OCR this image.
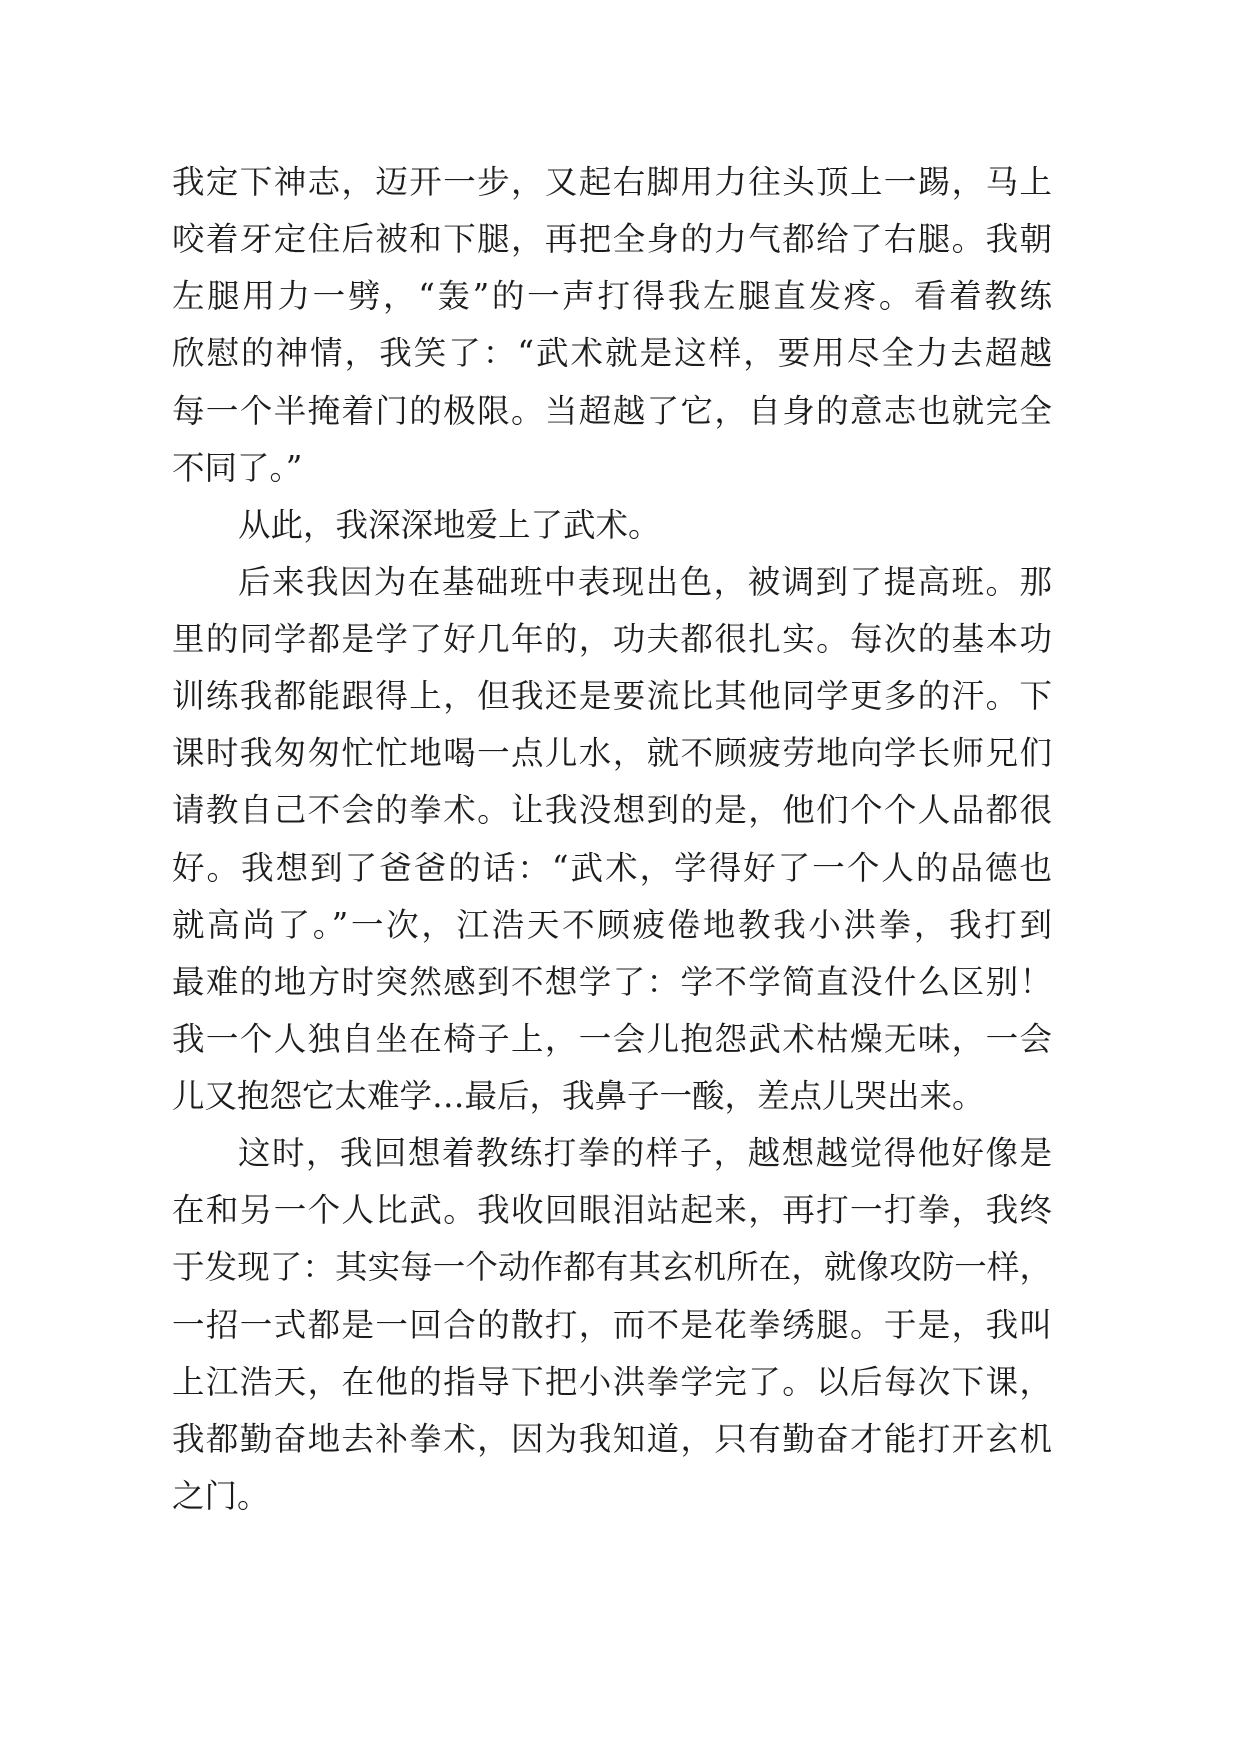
我定下神志，迈开一步，又起右脚用力往头顶上一踢，马上
咬着牙定住后被和下腿，再把全身的力气都给了右腿。我朝
左腿用力一劈，“轰”的一声打得我左腿直发疼。看着教练
欣慰的神情，我笑了：“武术就是这样，要用尽全力去超越
每一个半掩着门的极限。当超越了它，自身的意志也就完全
不同了。”
从此，我深深地爱上了武术。
后来我因为在基础班中表现出色，被调到了提高班。那
里的同学都是学了好几年的，功夫都很扎实。每次的基本功
训练我都能跟得上，但我还是要流比其他同学更多的汗。下
课时我匆匆忙忙地喝一点儿水，就不顾疲劳地向学长师兄们
请教自己不会的拳术。让我没想到的是，他们个个人品都很
好。我想到了爸爸的话：“武术，学得好了一个人的品德也
就高尚了。”一次，江浩天不顾疲倦地教我小洪拳，我打到
最难的地方时突然感到不想学了：学不学简直没什么区别！
我一个人独自坐在椅子上，一会儿抱怨武术枯燥无味，一会
儿又抱怨它太难学…最后，我鼻子一酸，差点儿哭出来。
这时，我回想着教练打拳的样子，越想越觉得他好像是
在和另一个人比武。我收回眼泪站起来，再打一打拳，我终
于发现了：其实每一个动作都有其玄机所在，就像攻防一样，
一招一式都是一回合的散打，而不是花拳绣腿。于是，我叫
上江浩天，在他的指导下把小洪拳学完了。以后每次下课，
我都勤奋地去补拳术，因为我知道，只有勤奋才能打开玄机
之门。
